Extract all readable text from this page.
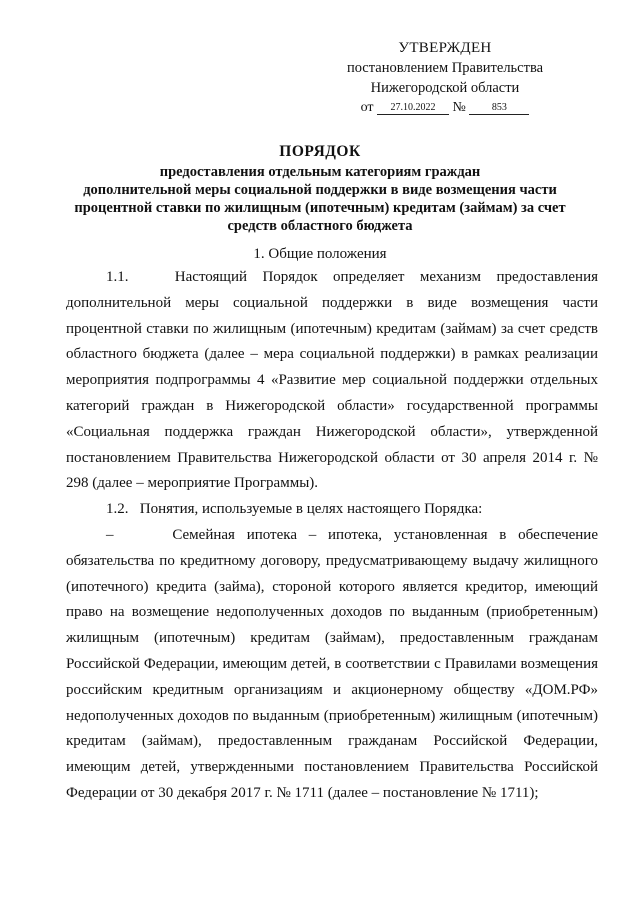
УТВЕРЖДЕН
постановлением Правительства
Нижегородской области
от 27.10.2022 №	853
ПОРЯДОК
предоставления отдельным категориям граждан
дополнительной меры социальной поддержки в виде возмещения части
процентной ставки по жилищным (ипотечным) кредитам (займам) за счет
средств областного бюджета
1. Общие положения

1.1.   Настоящий Порядок определяет механизм предоставления дополнительной меры социальной поддержки в виде возмещения части процентной ставки по жилищным (ипотечным) кредитам (займам) за счет средств областного бюджета (далее – мера социальной поддержки) в рамках реализации мероприятия подпрограммы 4 «Развитие мер социальной поддержки отдельных категорий граждан в Нижегородской области» государственной программы «Социальная поддержка граждан Нижегородской области», утвержденной постановлением Правительства Нижегородской области от 30 апреля 2014 г. № 298 (далее – мероприятие Программы).

1.2.   Понятия, используемые в целях настоящего Порядка:

–     Семейная ипотека – ипотека, установленная в обеспечение обязательства по кредитному договору, предусматривающему выдачу жилищного (ипотечного) кредита (займа), стороной которого является кредитор, имеющий право на возмещение недополученных доходов по выданным (приобретенным) жилищным (ипотечным) кредитам (займам), предоставленным гражданам Российской Федерации, имеющим детей, в соответствии с Правилами возмещения российским кредитным организациям и акционерному обществу «ДОМ.РФ» недополученных доходов по выданным (приобретенным) жилищным (ипотечным) кредитам (займам), предоставленным гражданам Российской Федерации, имеющим детей, утвержденными постановлением Правительства Российской Федерации от 30 декабря 2017 г. № 1711 (далее – постановление № 1711);
